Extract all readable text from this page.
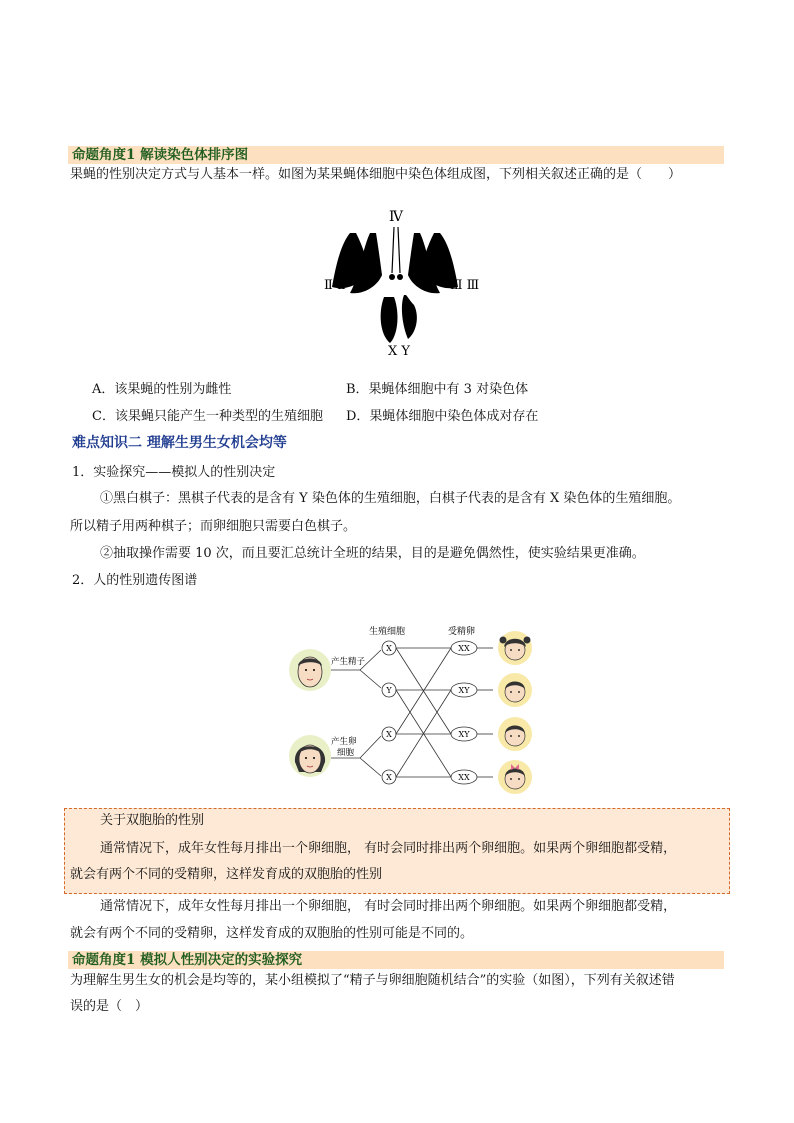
命题角度1 解读染色体排序图
果蝇的性别决定方式与人基本一样。如图为某果蝇体细胞中染色体组成图，下列相关叙述正确的是（　　）
Ⅳ
Ⅱ Ⅱ	Ⅲ Ⅲ
X Y
A．该果蝇的性别为雌性	B．果蝇体细胞中有 3 对染色体
C．该果蝇只能产生一种类型的生殖细胞 D．果蝇体细胞中染色体成对存在
难点知识二 理解生男生女机会均等
1．实验探究——模拟人的性别决定
①黑白棋子：黑棋子代表的是含有 Y 染色体的生殖细胞，白棋子代表的是含有 X 染色体的生殖细胞。
所以精子用两种棋子；而卵细胞只需要白色棋子。
②抽取操作需要 10 次，而且要汇总统计全班的结果，目的是避免偶然性，使实验结果更准确。
2．人的性别遗传图谱
生殖细胞	受精卵
产生精子
产生卵
细胞
X
Y
X
X
XX
XY
XY
XX
关于双胞胎的性别
通常情况下，成年女性每月排出一个卵细胞， 有时会同时排出两个卵细胞。如果两个卵细胞都受精，
就会有两个不同的受精卵，这样发育成的双胞胎的性别
通常情况下，成年女性每月排出一个卵细胞， 有时会同时排出两个卵细胞。如果两个卵细胞都受精，
就会有两个不同的受精卵，这样发育成的双胞胎的性别可能是不同的。
命题角度1 模拟人性别决定的实验探究
为理解生男生女的机会是均等的，某小组模拟了“精子与卵细胞随机结合”的实验（如图），下列有关叙述错
误的是（　）
